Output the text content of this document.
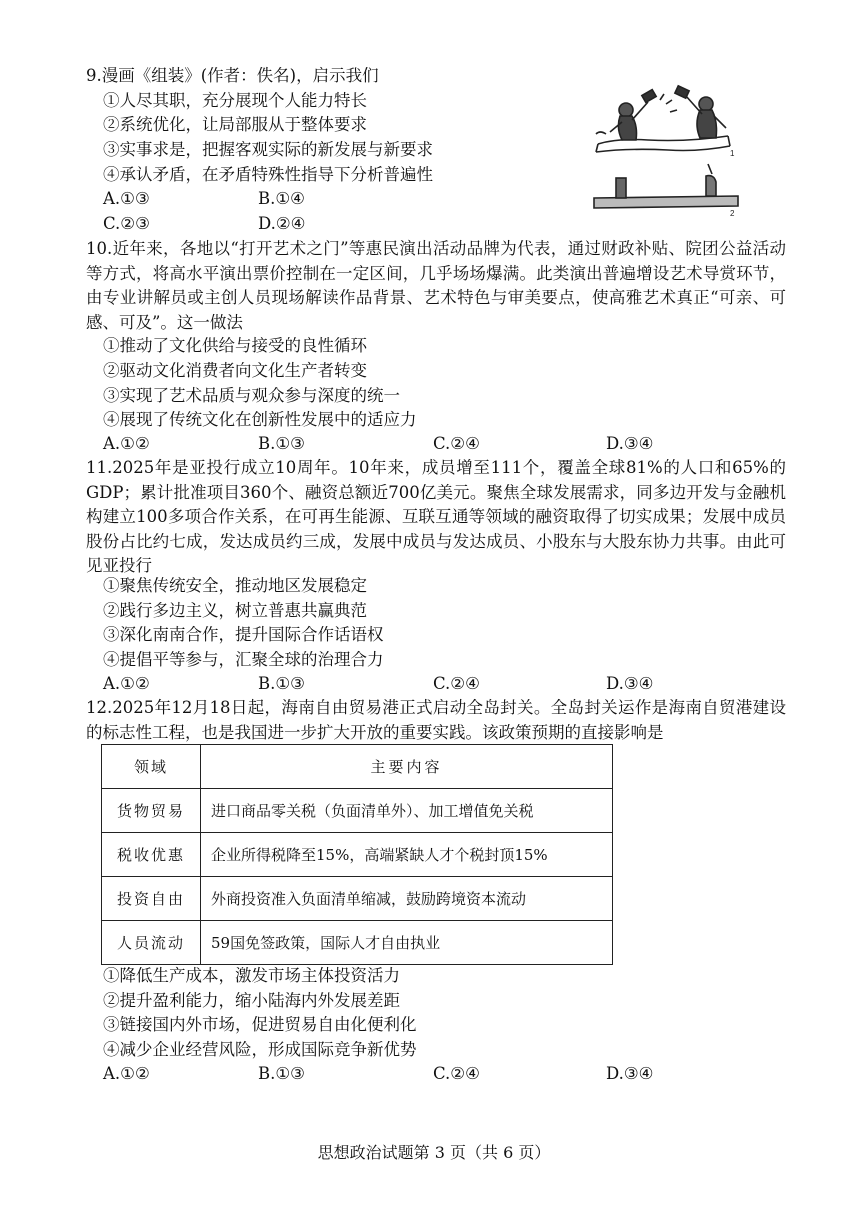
9.漫画《组装》(作者：佚名)，启示我们
①人尽其职，充分展现个人能力特长
②系统优化，让局部服从于整体要求
③实事求是，把握客观实际的新发展与新要求
④承认矛盾，在矛盾特殊性指导下分析普遍性
A.①③	B.①④
C.②③	D.②④
1
2
10.近年来，各地以“打开艺术之门”等惠民演出活动品牌为代表，通过财政补贴、院团公益活动等方式，将高水平演出票价控制在一定区间，几乎场场爆满。此类演出普遍增设艺术导赏环节，由专业讲解员或主创人员现场解读作品背景、艺术特色与审美要点，使高雅艺术真正“可亲、可感、可及”。这一做法
①推动了文化供给与接受的良性循环
②驱动文化消费者向文化生产者转变
③实现了艺术品质与观众参与深度的统一
④展现了传统文化在创新性发展中的适应力
A.①②	B.①③	C.②④	D.③④
11.2025年是亚投行成立10周年。10年来，成员增至111个，覆盖全球81%的人口和65%的GDP；累计批准项目360个、融资总额近700亿美元。聚焦全球发展需求，同多边开发与金融机构建立100多项合作关系，在可再生能源、互联互通等领域的融资取得了切实成果；发展中成员股份占比约七成，发达成员约三成，发展中成员与发达成员、小股东与大股东协力共事。由此可见亚投行
①聚焦传统安全，推动地区发展稳定
②践行多边主义，树立普惠共赢典范
③深化南南合作，提升国际合作话语权
④提倡平等参与，汇聚全球的治理合力
A.①②	B.①③	C.②④	D.③④
12.2025年12月18日起，海南自由贸易港正式启动全岛封关。全岛封关运作是海南自贸港建设的标志性工程，也是我国进一步扩大开放的重要实践。该政策预期的直接影响是
领域	主要内容
货物贸易	进口商品零关税（负面清单外）、加工增值免关税
税收优惠	企业所得税降至15%，高端紧缺人才个税封顶15%
投资自由	外商投资准入负面清单缩减，鼓励跨境资本流动
人员流动	59国免签政策，国际人才自由执业
①降低生产成本，激发市场主体投资活力
②提升盈利能力，缩小陆海内外发展差距
③链接国内外市场，促进贸易自由化便利化
④减少企业经营风险，形成国际竞争新优势
A.①②	B.①③	C.②④	D.③④
思想政治试题第 3 页（共 6 页）
